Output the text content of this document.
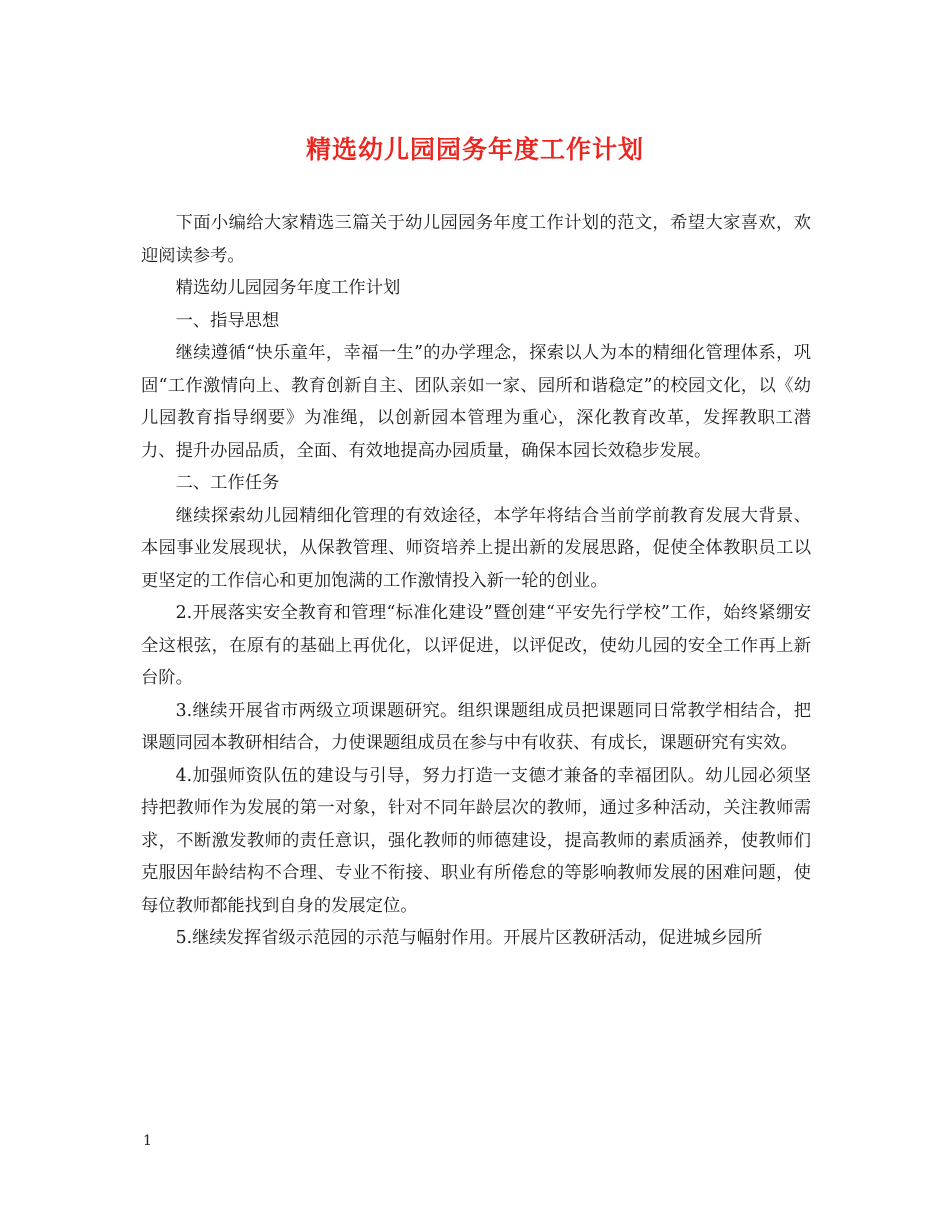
精选幼儿园园务年度工作计划

下面小编给大家精选三篇关于幼儿园园务年度工作计划的范文，希望大家喜欢，欢迎阅读参考。

精选幼儿园园务年度工作计划

一、指导思想

继续遵循“快乐童年，幸福一生”的办学理念，探索以人为本的精细化管理体系，巩固“工作激情向上、教育创新自主、团队亲如一家、园所和谐稳定”的校园文化，以《幼儿园教育指导纲要》为准绳，以创新园本管理为重心，深化教育改革，发挥教职工潜力、提升办园品质，全面、有效地提高办园质量，确保本园长效稳步发展。

二、工作任务

继续探索幼儿园精细化管理的有效途径，本学年将结合当前学前教育发展大背景、本园事业发展现状，从保教管理、师资培养上提出新的发展思路，促使全体教职员工以更坚定的工作信心和更加饱满的工作激情投入新一轮的创业。

2.开展落实安全教育和管理“标准化建设”暨创建“平安先行学校”工作，始终紧绷安全这根弦，在原有的基础上再优化，以评促进，以评促改，使幼儿园的安全工作再上新台阶。

3.继续开展省市两级立项课题研究。组织课题组成员把课题同日常教学相结合，把课题同园本教研相结合，力使课题组成员在参与中有收获、有成长，课题研究有实效。

4.加强师资队伍的建设与引导，努力打造一支德才兼备的幸福团队。幼儿园必须坚持把教师作为发展的第一对象，针对不同年龄层次的教师，通过多种活动，关注教师需求，不断激发教师的责任意识，强化教师的师德建设，提高教师的素质涵养，使教师们克服因年龄结构不合理、专业不衔接、职业有所倦怠的等影响教师发展的困难问题，使每位教师都能找到自身的发展定位。

5.继续发挥省级示范园的示范与幅射作用。开展片区教研活动，促进城乡园所

1
